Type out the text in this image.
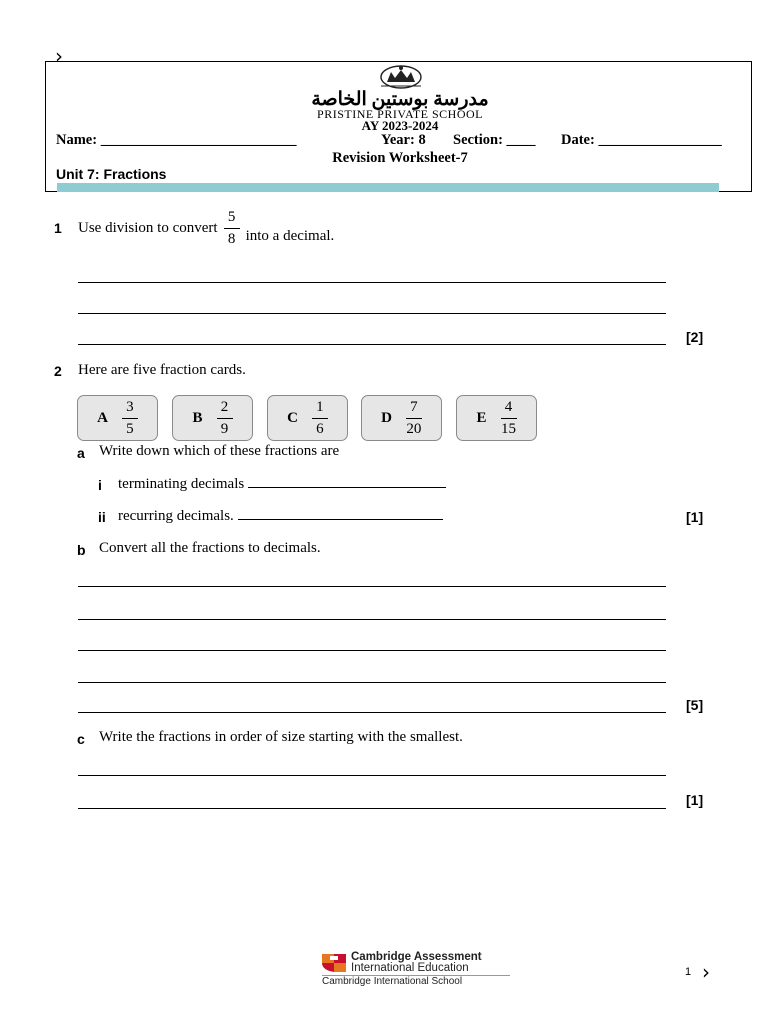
›
مدرسة بوستين الخاصة
PRISTINE PRIVATE SCHOOL
AY 2023-2024
Name: ___________________________	Year: 8 Section: ____ Date: _________________
Revision Worksheet-7
Unit 7: Fractions
1 Use division to convert $\frac{5}{8}$ into a decimal.
[2]
2 Here are five fraction cards.
A $\frac{3}{5}$	B $\frac{2}{9}$	C $\frac{1}{6}$	D $\frac{7}{20}$	E $\frac{4}{15}$
a Write down which of these fractions are
i terminating decimals
ii recurring decimals.	[1]
b Convert all the fractions to decimals.
[5]
c Write the fractions in order of size starting with the smallest.
[1]
Cambridge Assessment
International Education
Cambridge International School
1 ›
